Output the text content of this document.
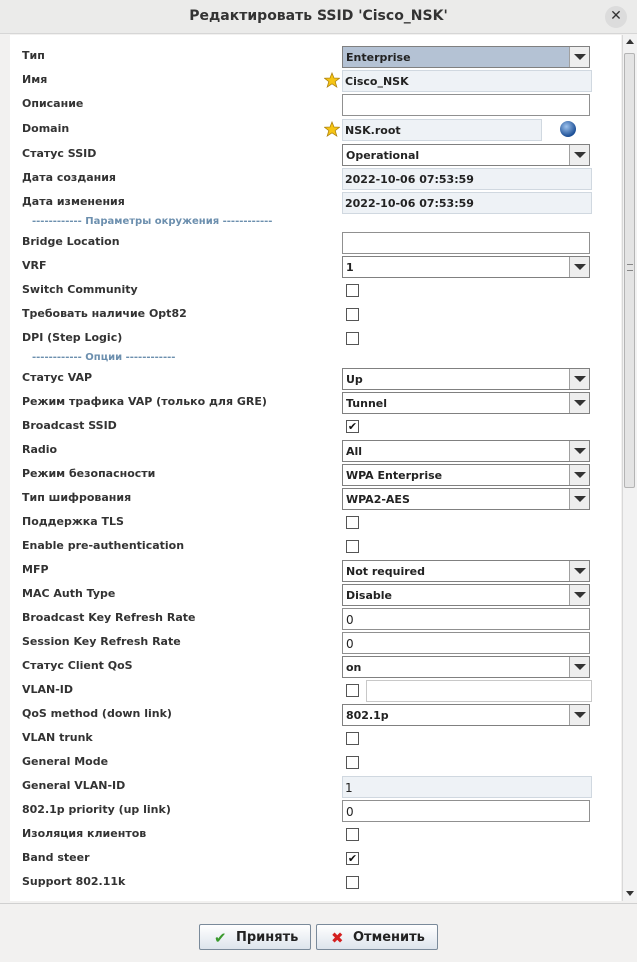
Редактировать SSID 'Cisco_NSK'	✕
Тип	Enterprise
Имя	Cisco_NSK
Описание
Domain	NSK.root
Статус SSID	Operational
Дата создания	2022-10-06 07:53:59
Дата изменения	2022-10-06 07:53:59
------------ Параметры окружения ------------
Bridge Location
VRF	1
Switch Community
Требовать наличие Opt82
DPI (Step Logic)
------------ Опции ------------
Статус VAP	Up
Режим трафика VAP (только для GRE)	Tunnel
Broadcast SSID	✔
Radio	All
Режим безопасности	WPA Enterprise
Тип шифрования	WPA2-AES
Поддержка TLS
Enable pre-authentication
MFP	Not required
MAC Auth Type	Disable
Broadcast Key Refresh Rate	0
Session Key Refresh Rate	0
Статус Client QoS	on
VLAN-ID
QoS method (down link)	802.1p
VLAN trunk
General Mode
General VLAN-ID	1
802.1p priority (up link)	0
Изоляция клиентов
Band steer	✔
Support 802.11k
✔ Принять ✖ Отменить
